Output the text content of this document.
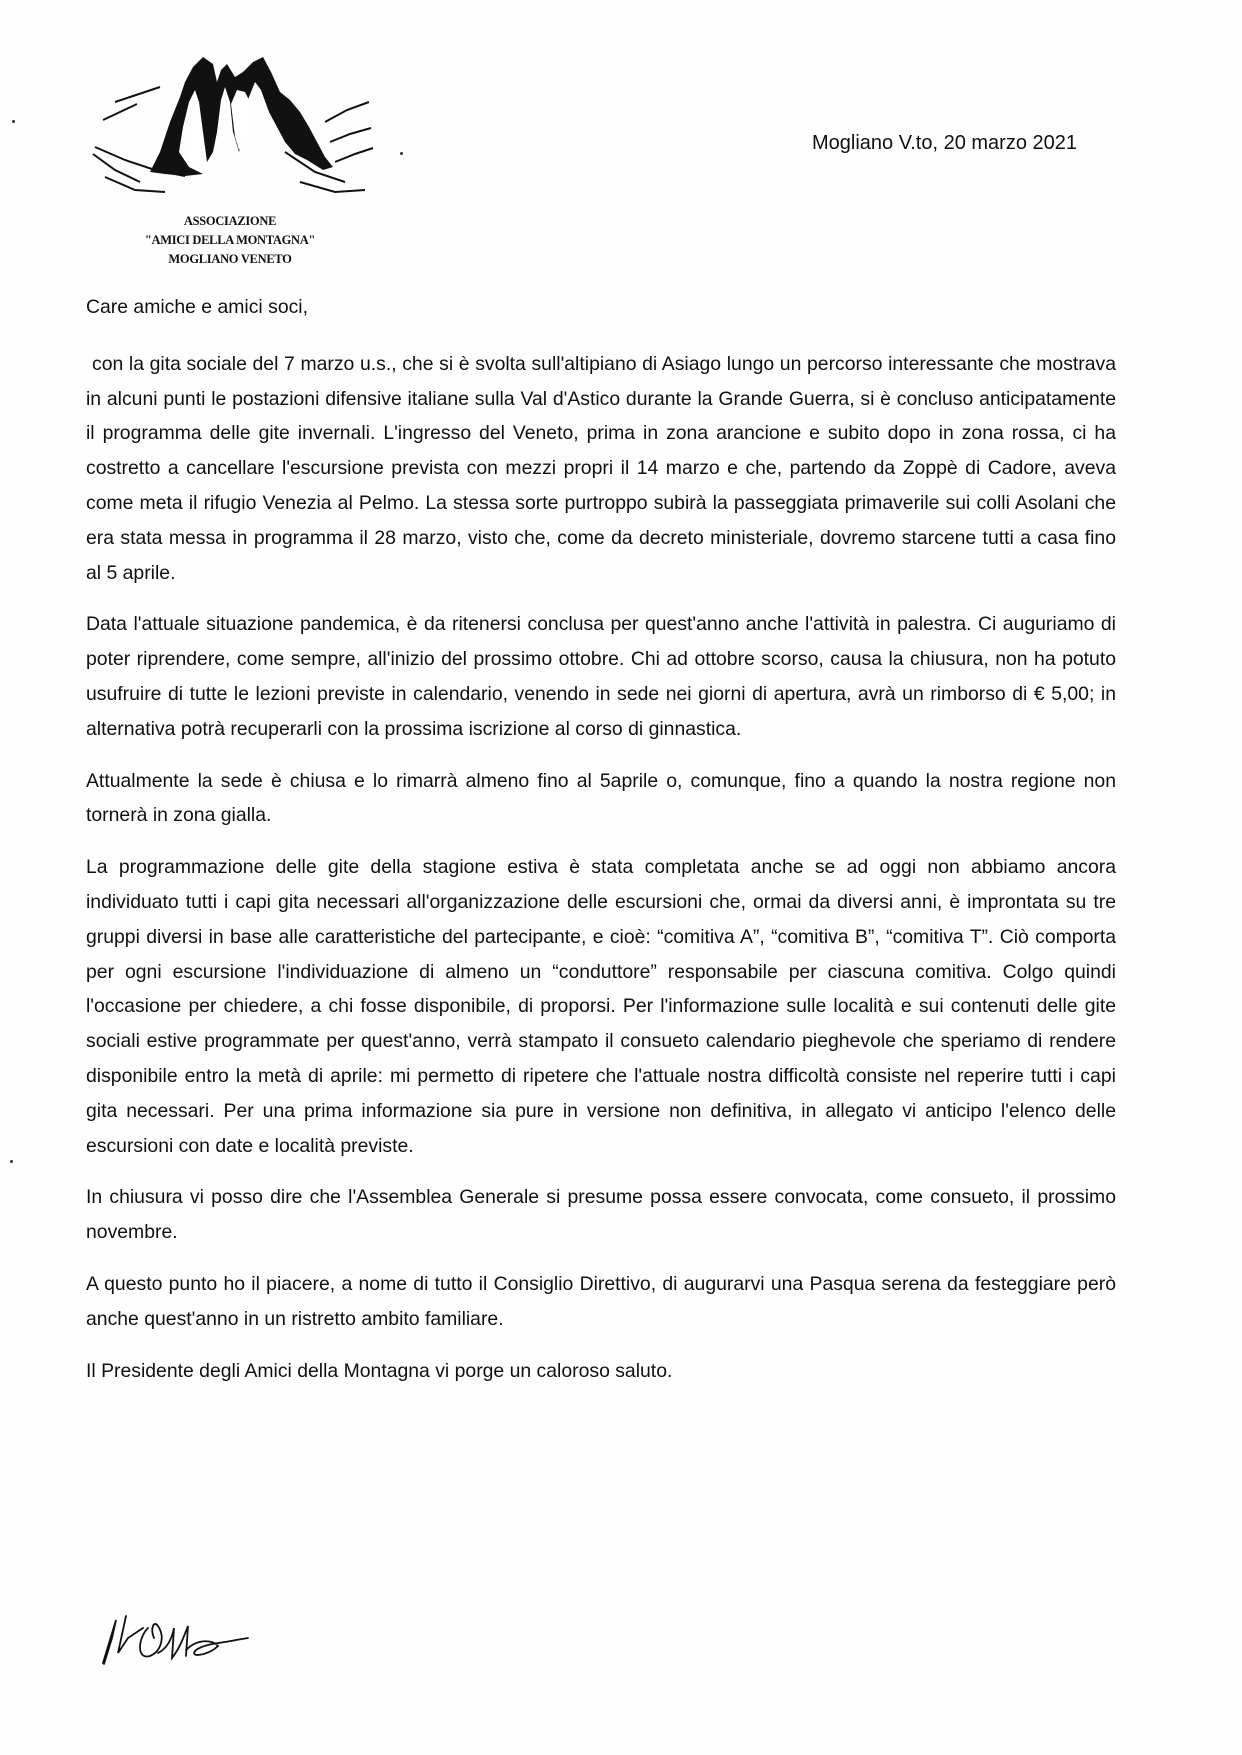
ASSOCIAZIONE
"AMICI DELLA MONTAGNA"
MOGLIANO VENETO
Mogliano V.to, 20 marzo 2021

Care amiche e amici soci,

con la gita sociale del 7 marzo u.s., che si è svolta sull'altipiano di Asiago lungo un percorso interessante che mostrava in alcuni punti le postazioni difensive italiane sulla Val d'Astico durante la Grande Guerra, si è concluso anticipatamente il programma delle gite invernali. L'ingresso del Veneto, prima in zona arancione e subito dopo in zona rossa, ci ha costretto a cancellare l'escursione prevista con mezzi propri il 14 marzo e che, partendo da Zoppè di Cadore, aveva come meta il rifugio Venezia al Pelmo. La stessa sorte purtroppo subirà la passeggiata primaverile sui colli Asolani che era stata messa in programma il 28 marzo, visto che, come da decreto ministeriale, dovremo starcene tutti a casa fino al 5 aprile.

Data l'attuale situazione pandemica, è da ritenersi conclusa per quest'anno anche l'attività in palestra. Ci auguriamo di poter riprendere, come sempre, all'inizio del prossimo ottobre. Chi ad ottobre scorso, causa la chiusura, non ha potuto usufruire di tutte le lezioni previste in calendario, venendo in sede nei giorni di apertura, avrà un rimborso di € 5,00; in alternativa potrà recuperarli con la prossima iscrizione al corso di ginnastica.

Attualmente la sede è chiusa e lo rimarrà almeno fino al 5aprile o, comunque, fino a quando la nostra regione non tornerà in zona gialla.

La programmazione delle gite della stagione estiva è stata completata anche se ad oggi non abbiamo ancora individuato tutti i capi gita necessari all'organizzazione delle escursioni che, ormai da diversi anni, è improntata su tre gruppi diversi in base alle caratteristiche del partecipante, e cioè: “comitiva A”, “comitiva B”, “comitiva T”. Ciò comporta per ogni escursione l'individuazione di almeno un “conduttore” responsabile per ciascuna comitiva. Colgo quindi l'occasione per chiedere, a chi fosse disponibile, di proporsi. Per l'informazione sulle località e sui contenuti delle gite sociali estive programmate per quest'anno, verrà stampato il consueto calendario pieghevole che speriamo di rendere disponibile entro la metà di aprile: mi permetto di ripetere che l'attuale nostra difficoltà consiste nel reperire tutti i capi gita necessari. Per una prima informazione sia pure in versione non definitiva, in allegato vi anticipo l'elenco delle escursioni con date e località previste.

In chiusura vi posso dire che l'Assemblea Generale si presume possa essere convocata, come consueto, il prossimo novembre.

A questo punto ho il piacere, a nome di tutto il Consiglio Direttivo, di augurarvi una Pasqua serena da festeggiare però anche quest'anno in un ristretto ambito familiare.

Il Presidente degli Amici della Montagna vi porge un caloroso saluto.
